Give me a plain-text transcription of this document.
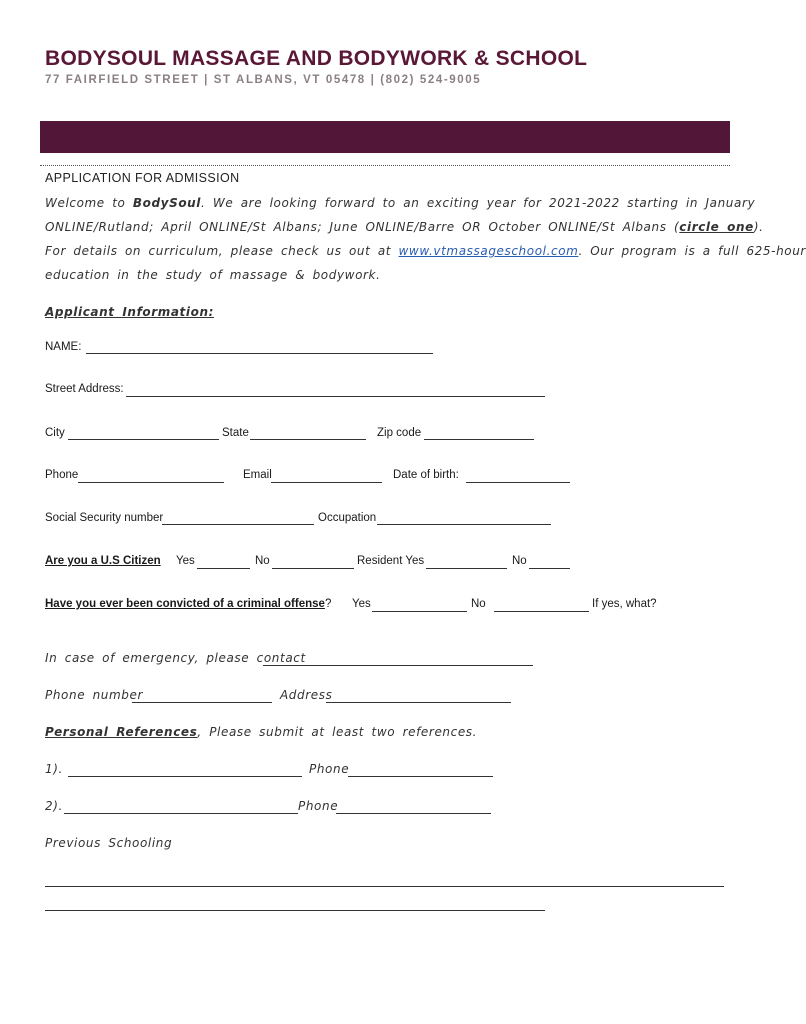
BODYSOUL MASSAGE AND BODYWORK & SCHOOL
77 FAIRFIELD STREET | ST ALBANS, VT 05478 | (802) 524-9005
APPLICATION FOR ADMISSION
Welcome to BodySoul. We are looking forward to an exciting year for 2021-2022 starting in January
ONLINE/Rutland; April ONLINE/St Albans; June ONLINE/Barre OR October ONLINE/St Albans (circle one).
For details on curriculum, please check us out at www.vtmassageschool.com. Our program is a full 625-hour
education in the study of massage & bodywork.
Applicant Information:
NAME:
Street Address:
City	State	Zip code
Phone	Email	Date of birth:
Social Security number	Occupation
Are you a U.S Citizen Yes	No	Resident Yes	No
Have you ever been convicted of a criminal offense? Yes	No	If yes, what?
In case of emergency, please contact
Phone number	Address
Personal References, Please submit at least two references.
1).	Phone
2).	Phone
Previous Schooling
